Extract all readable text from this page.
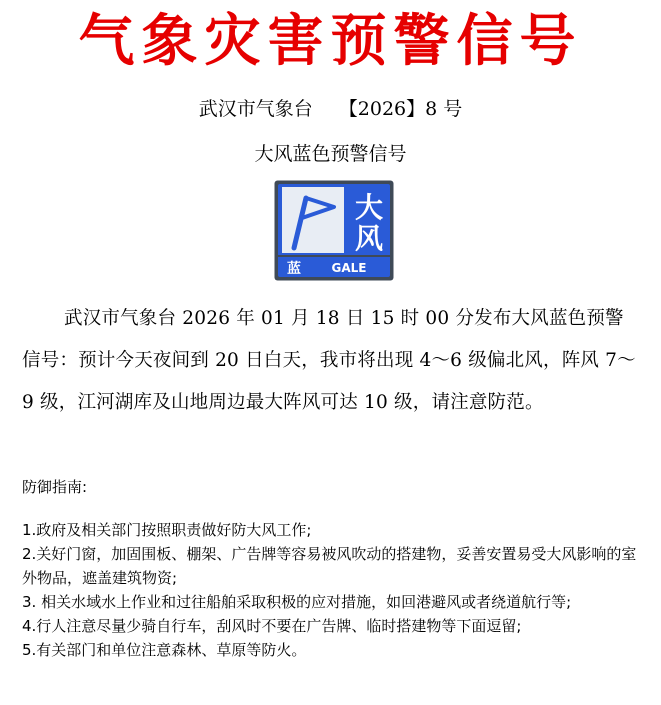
气象灾害预警信号
武汉市气象台 【2026】8 号
大风蓝色预警信号
大
风
蓝	GALE
武汉市气象台 2026 年 01 月 18 日 15 时 00 分发布大风蓝色预警信号：预计今天夜间到 20 日白天，我市将出现 4～6 级偏北风，阵风 7～9 级，江河湖库及山地周边最大阵风可达 10 级，请注意防范。
防御指南:
1.政府及相关部门按照职责做好防大风工作;
2.关好门窗，加固围板、棚架、广告牌等容易被风吹动的搭建物，妥善安置易受大风影响的室外物品，遮盖建筑物资;
3. 相关水域水上作业和过往船舶采取积极的应对措施，如回港避风或者绕道航行等;
4.行人注意尽量少骑自行车，刮风时不要在广告牌、临时搭建物等下面逗留;
5.有关部门和单位注意森林、草原等防火。
